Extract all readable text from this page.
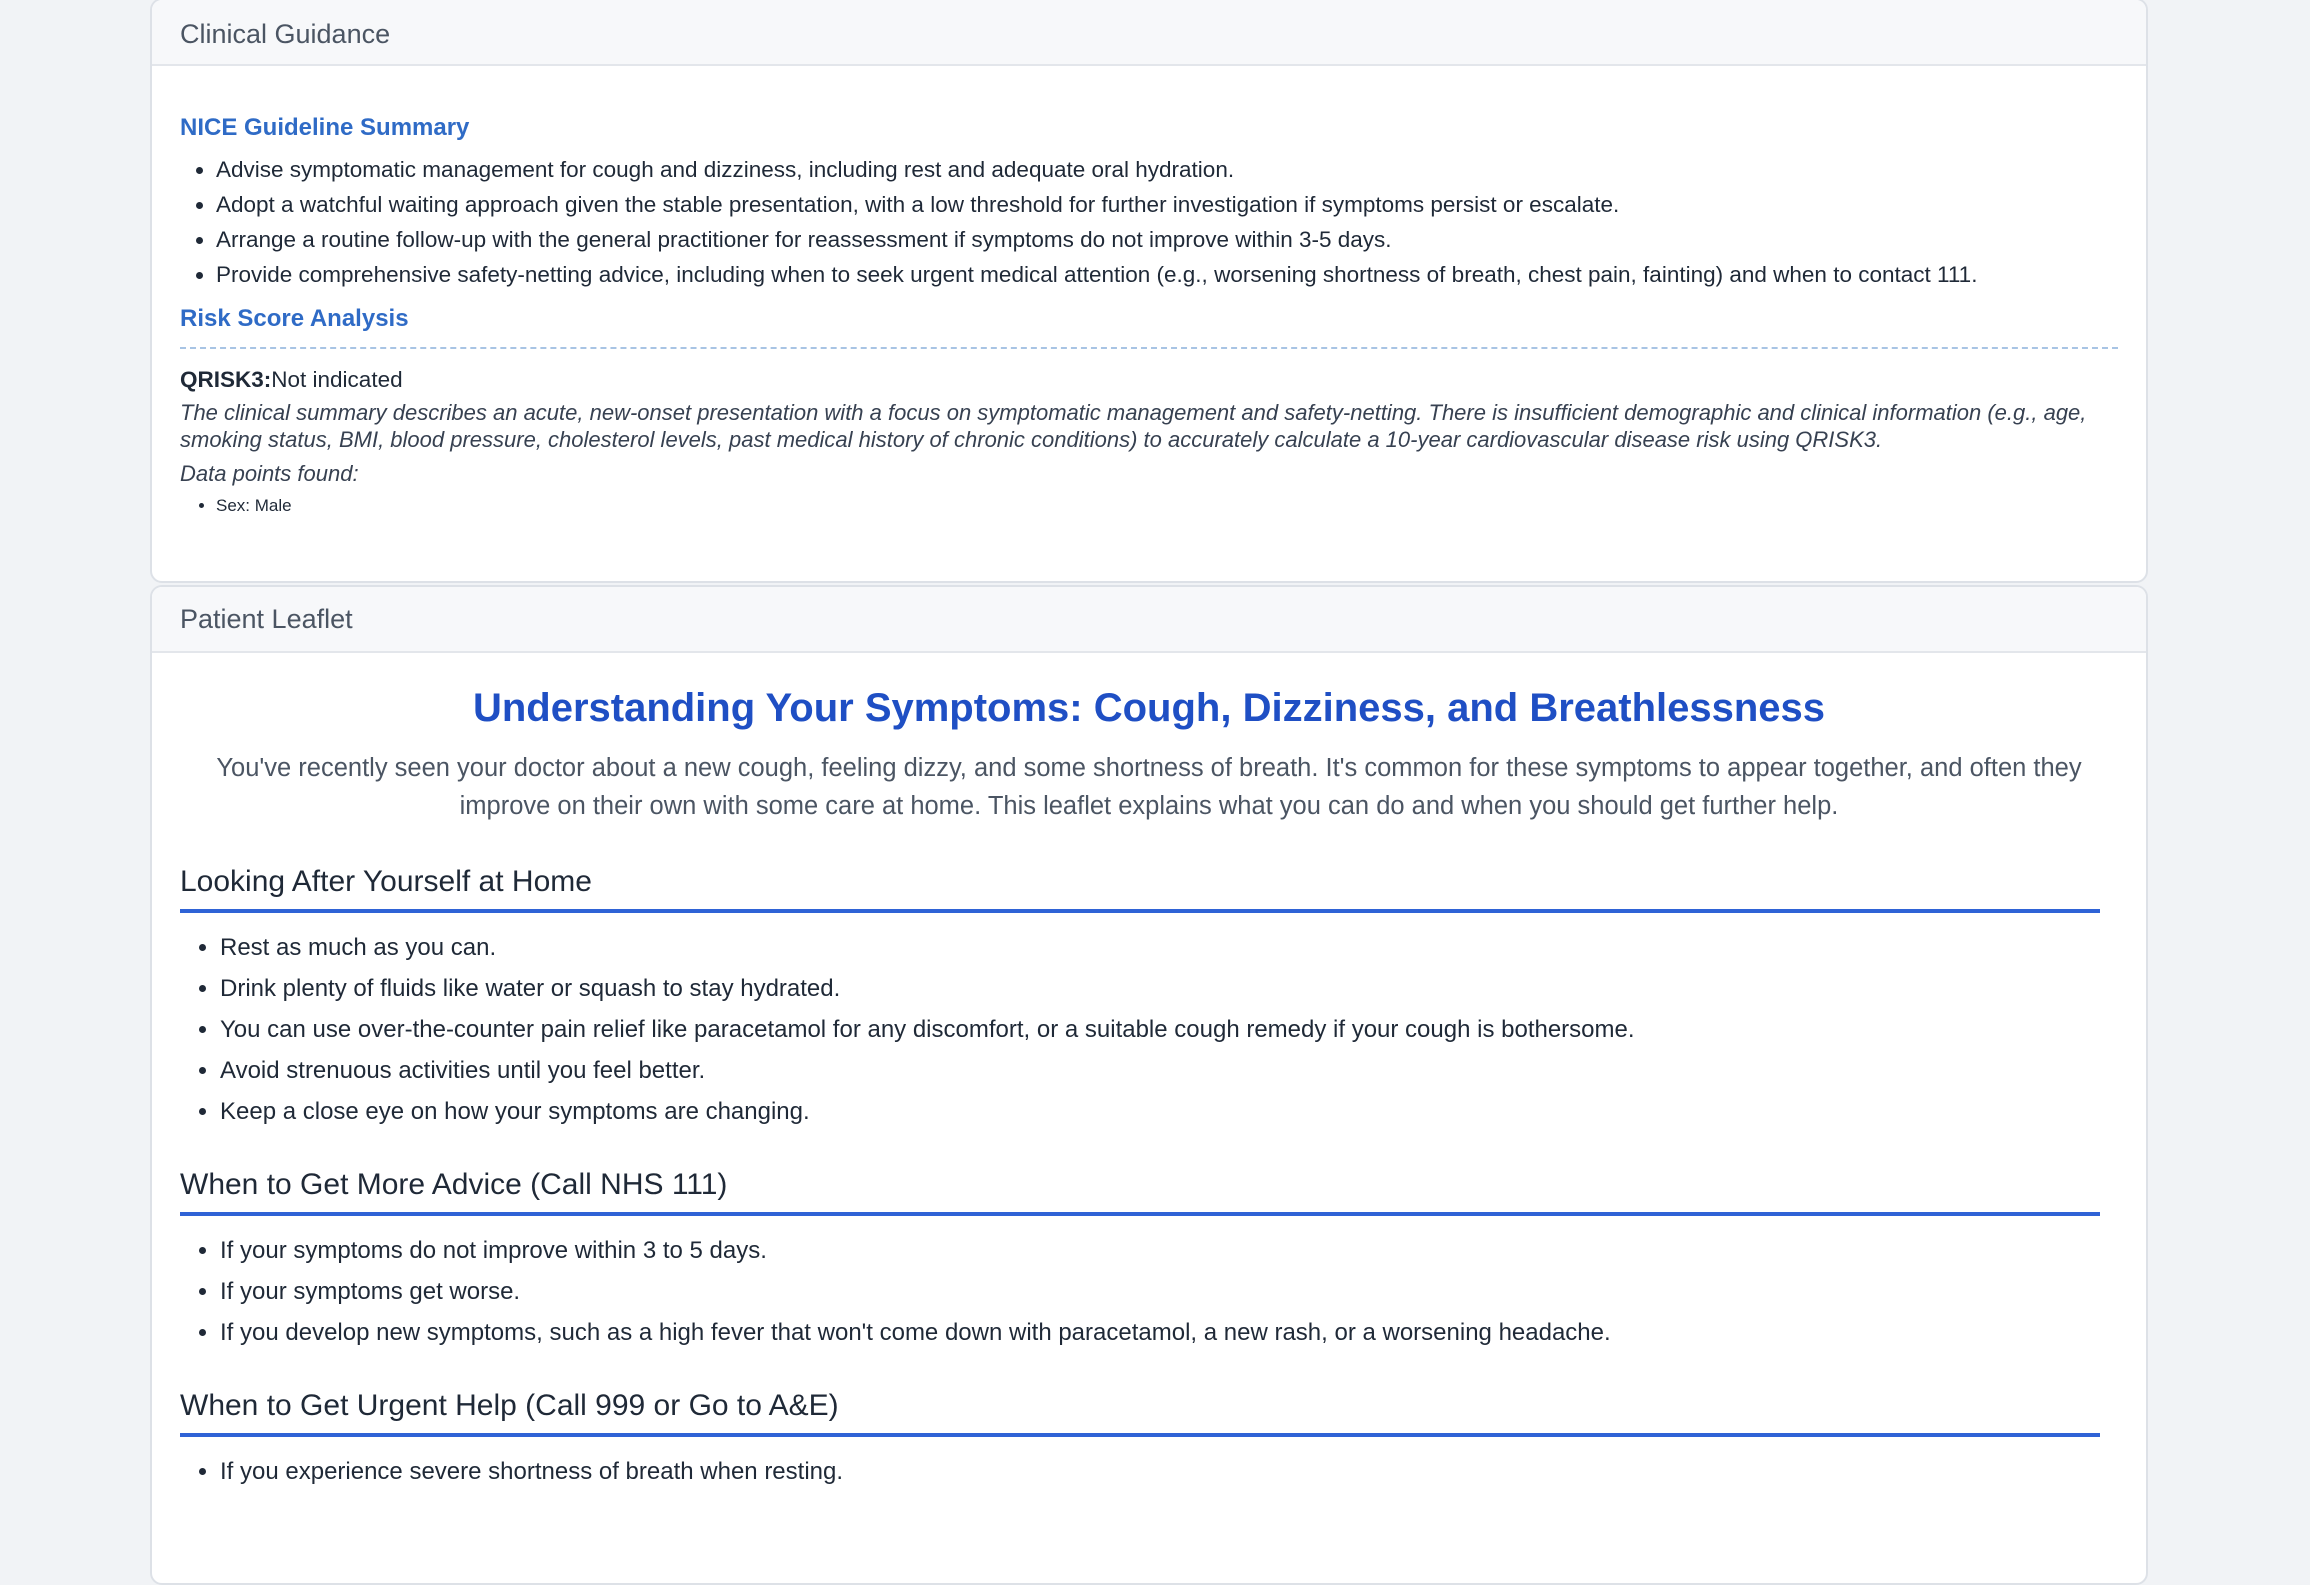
Clinical Guidance
NICE Guideline Summary
• Advise symptomatic management for cough and dizziness, including rest and adequate oral hydration.
• Adopt a watchful waiting approach given the stable presentation, with a low threshold for further investigation if symptoms persist or escalate.
• Arrange a routine follow-up with the general practitioner for reassessment if symptoms do not improve within 3-5 days.
• Provide comprehensive safety-netting advice, including when to seek urgent medical attention (e.g., worsening shortness of breath, chest pain, fainting) and when to contact 111.
Risk Score Analysis
QRISK3:Not indicated
The clinical summary describes an acute, new-onset presentation with a focus on symptomatic management and safety-netting. There is insufficient demographic and clinical information (e.g., age, smoking status, BMI, blood pressure, cholesterol levels, past medical history of chronic conditions) to accurately calculate a 10-year cardiovascular disease risk using QRISK3.
Data points found:
• Sex: Male
Patient Leaflet
Understanding Your Symptoms: Cough, Dizziness, and Breathlessness

You've recently seen your doctor about a new cough, feeling dizzy, and some shortness of breath. It's common for these symptoms to appear together, and often they improve on their own with some care at home. This leaflet explains what you can do and when you should get further help.

Looking After Yourself at Home
• Rest as much as you can.
• Drink plenty of fluids like water or squash to stay hydrated.
• You can use over-the-counter pain relief like paracetamol for any discomfort, or a suitable cough remedy if your cough is bothersome.
• Avoid strenuous activities until you feel better.
• Keep a close eye on how your symptoms are changing.
When to Get More Advice (Call NHS 111)
• If your symptoms do not improve within 3 to 5 days.
• If your symptoms get worse.
• If you develop new symptoms, such as a high fever that won't come down with paracetamol, a new rash, or a worsening headache.
When to Get Urgent Help (Call 999 or Go to A&E)
• If you experience severe shortness of breath when resting.
